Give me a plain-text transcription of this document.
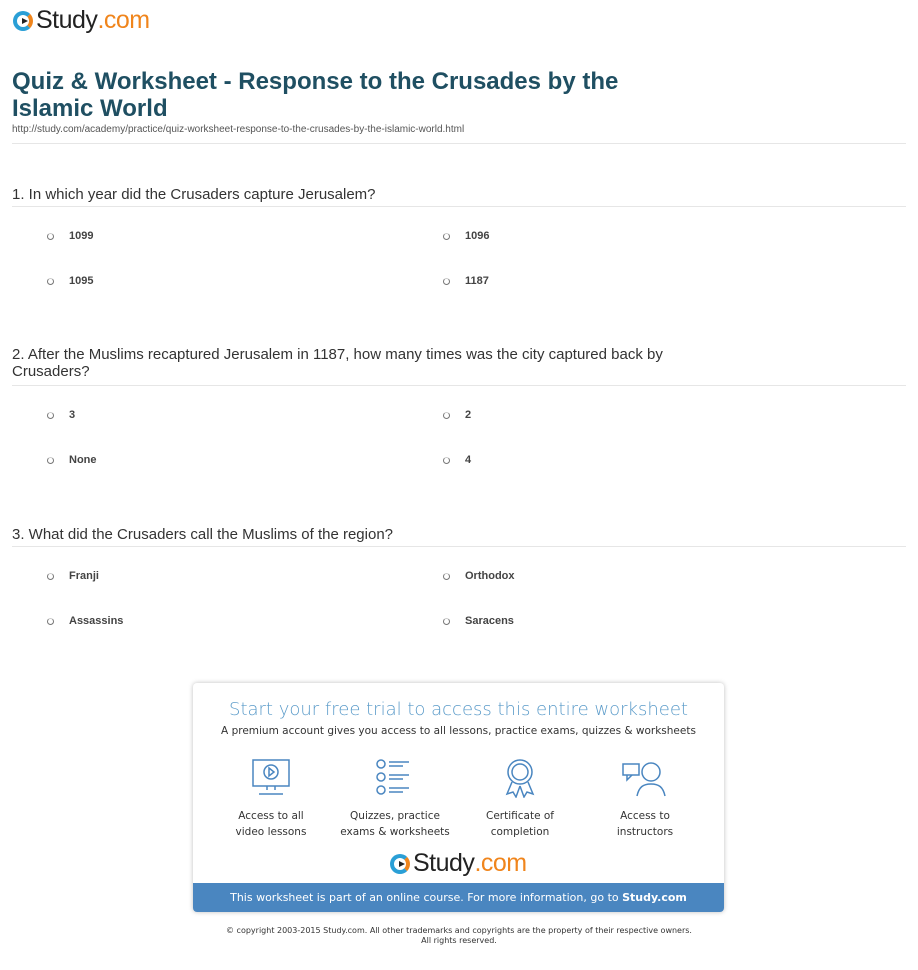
Study .com
Quiz & Worksheet - Response to the Crusades by the Islamic World
http://study.com/academy/practice/quiz-worksheet-response-to-the-crusades-by-the-islamic-world.html
1. In which year did the Crusaders capture Jerusalem?
1099	1096
1095	1187
2. After the Muslims recaptured Jerusalem in 1187, how many times was the city captured back by Crusaders?
3	2
None	4
3. What did the Crusaders call the Muslims of the region?
Franji	Orthodox
Assassins	Saracens
Start your free trial to access this entire worksheet
A premium account gives you access to all lessons, practice exams, quizzes & worksheets
Access to all
video lessons
Quizzes, practice
exams & worksheets
Certificate of
completion
Access to
instructors
Study .com
This worksheet is part of an online course. For more information, go to Study.com
© copyright 2003-2015 Study.com. All other trademarks and copyrights are the property of their respective owners.
All rights reserved.
